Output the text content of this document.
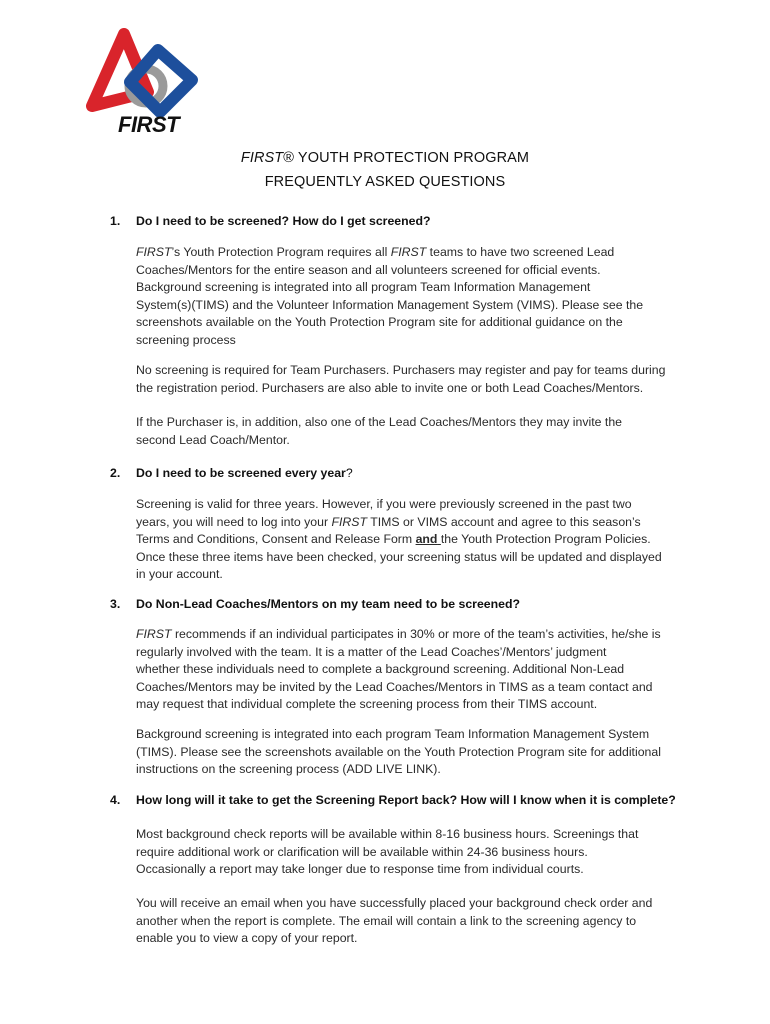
FIRST
FIRST® YOUTH PROTECTION PROGRAM
FREQUENTLY ASKED QUESTIONS
1. Do I need to be screened? How do I get screened?
FIRST’s Youth Protection Program requires all FIRST teams to have two screened Lead
Coaches/Mentors for the entire season and all volunteers screened for official events.
Background screening is integrated into all program Team Information Management
System(s)(TIMS) and the Volunteer Information Management System (VIMS). Please see the
screenshots available on the Youth Protection Program site for additional guidance on the
screening process
No screening is required for Team Purchasers. Purchasers may register and pay for teams during
the registration period. Purchasers are also able to invite one or both Lead Coaches/Mentors.
If the Purchaser is, in addition, also one of the Lead Coaches/Mentors they may invite the
second Lead Coach/Mentor.
2. Do I need to be screened every year?
Screening is valid for three years. However, if you were previously screened in the past two
years, you will need to log into your FIRST TIMS or VIMS account and agree to this season’s
Terms and Conditions, Consent and Release Form and the Youth Protection Program Policies.
Once these three items have been checked, your screening status will be updated and displayed
in your account.
3. Do Non-Lead Coaches/Mentors on my team need to be screened?
FIRST recommends if an individual participates in 30% or more of the team’s activities, he/she is
regularly involved with the team. It is a matter of the Lead Coaches’/Mentors’ judgment
whether these individuals need to complete a background screening. Additional Non-Lead
Coaches/Mentors may be invited by the Lead Coaches/Mentors in TIMS as a team contact and
may request that individual complete the screening process from their TIMS account.
Background screening is integrated into each program Team Information Management System
(TIMS). Please see the screenshots available on the Youth Protection Program site for additional
instructions on the screening process (ADD LIVE LINK).
4. How long will it take to get the Screening Report back? How will I know when it is complete?
Most background check reports will be available within 8-16 business hours. Screenings that
require additional work or clarification will be available within 24-36 business hours.
Occasionally a report may take longer due to response time from individual courts.
You will receive an email when you have successfully placed your background check order and
another when the report is complete. The email will contain a link to the screening agency to
enable you to view a copy of your report.
